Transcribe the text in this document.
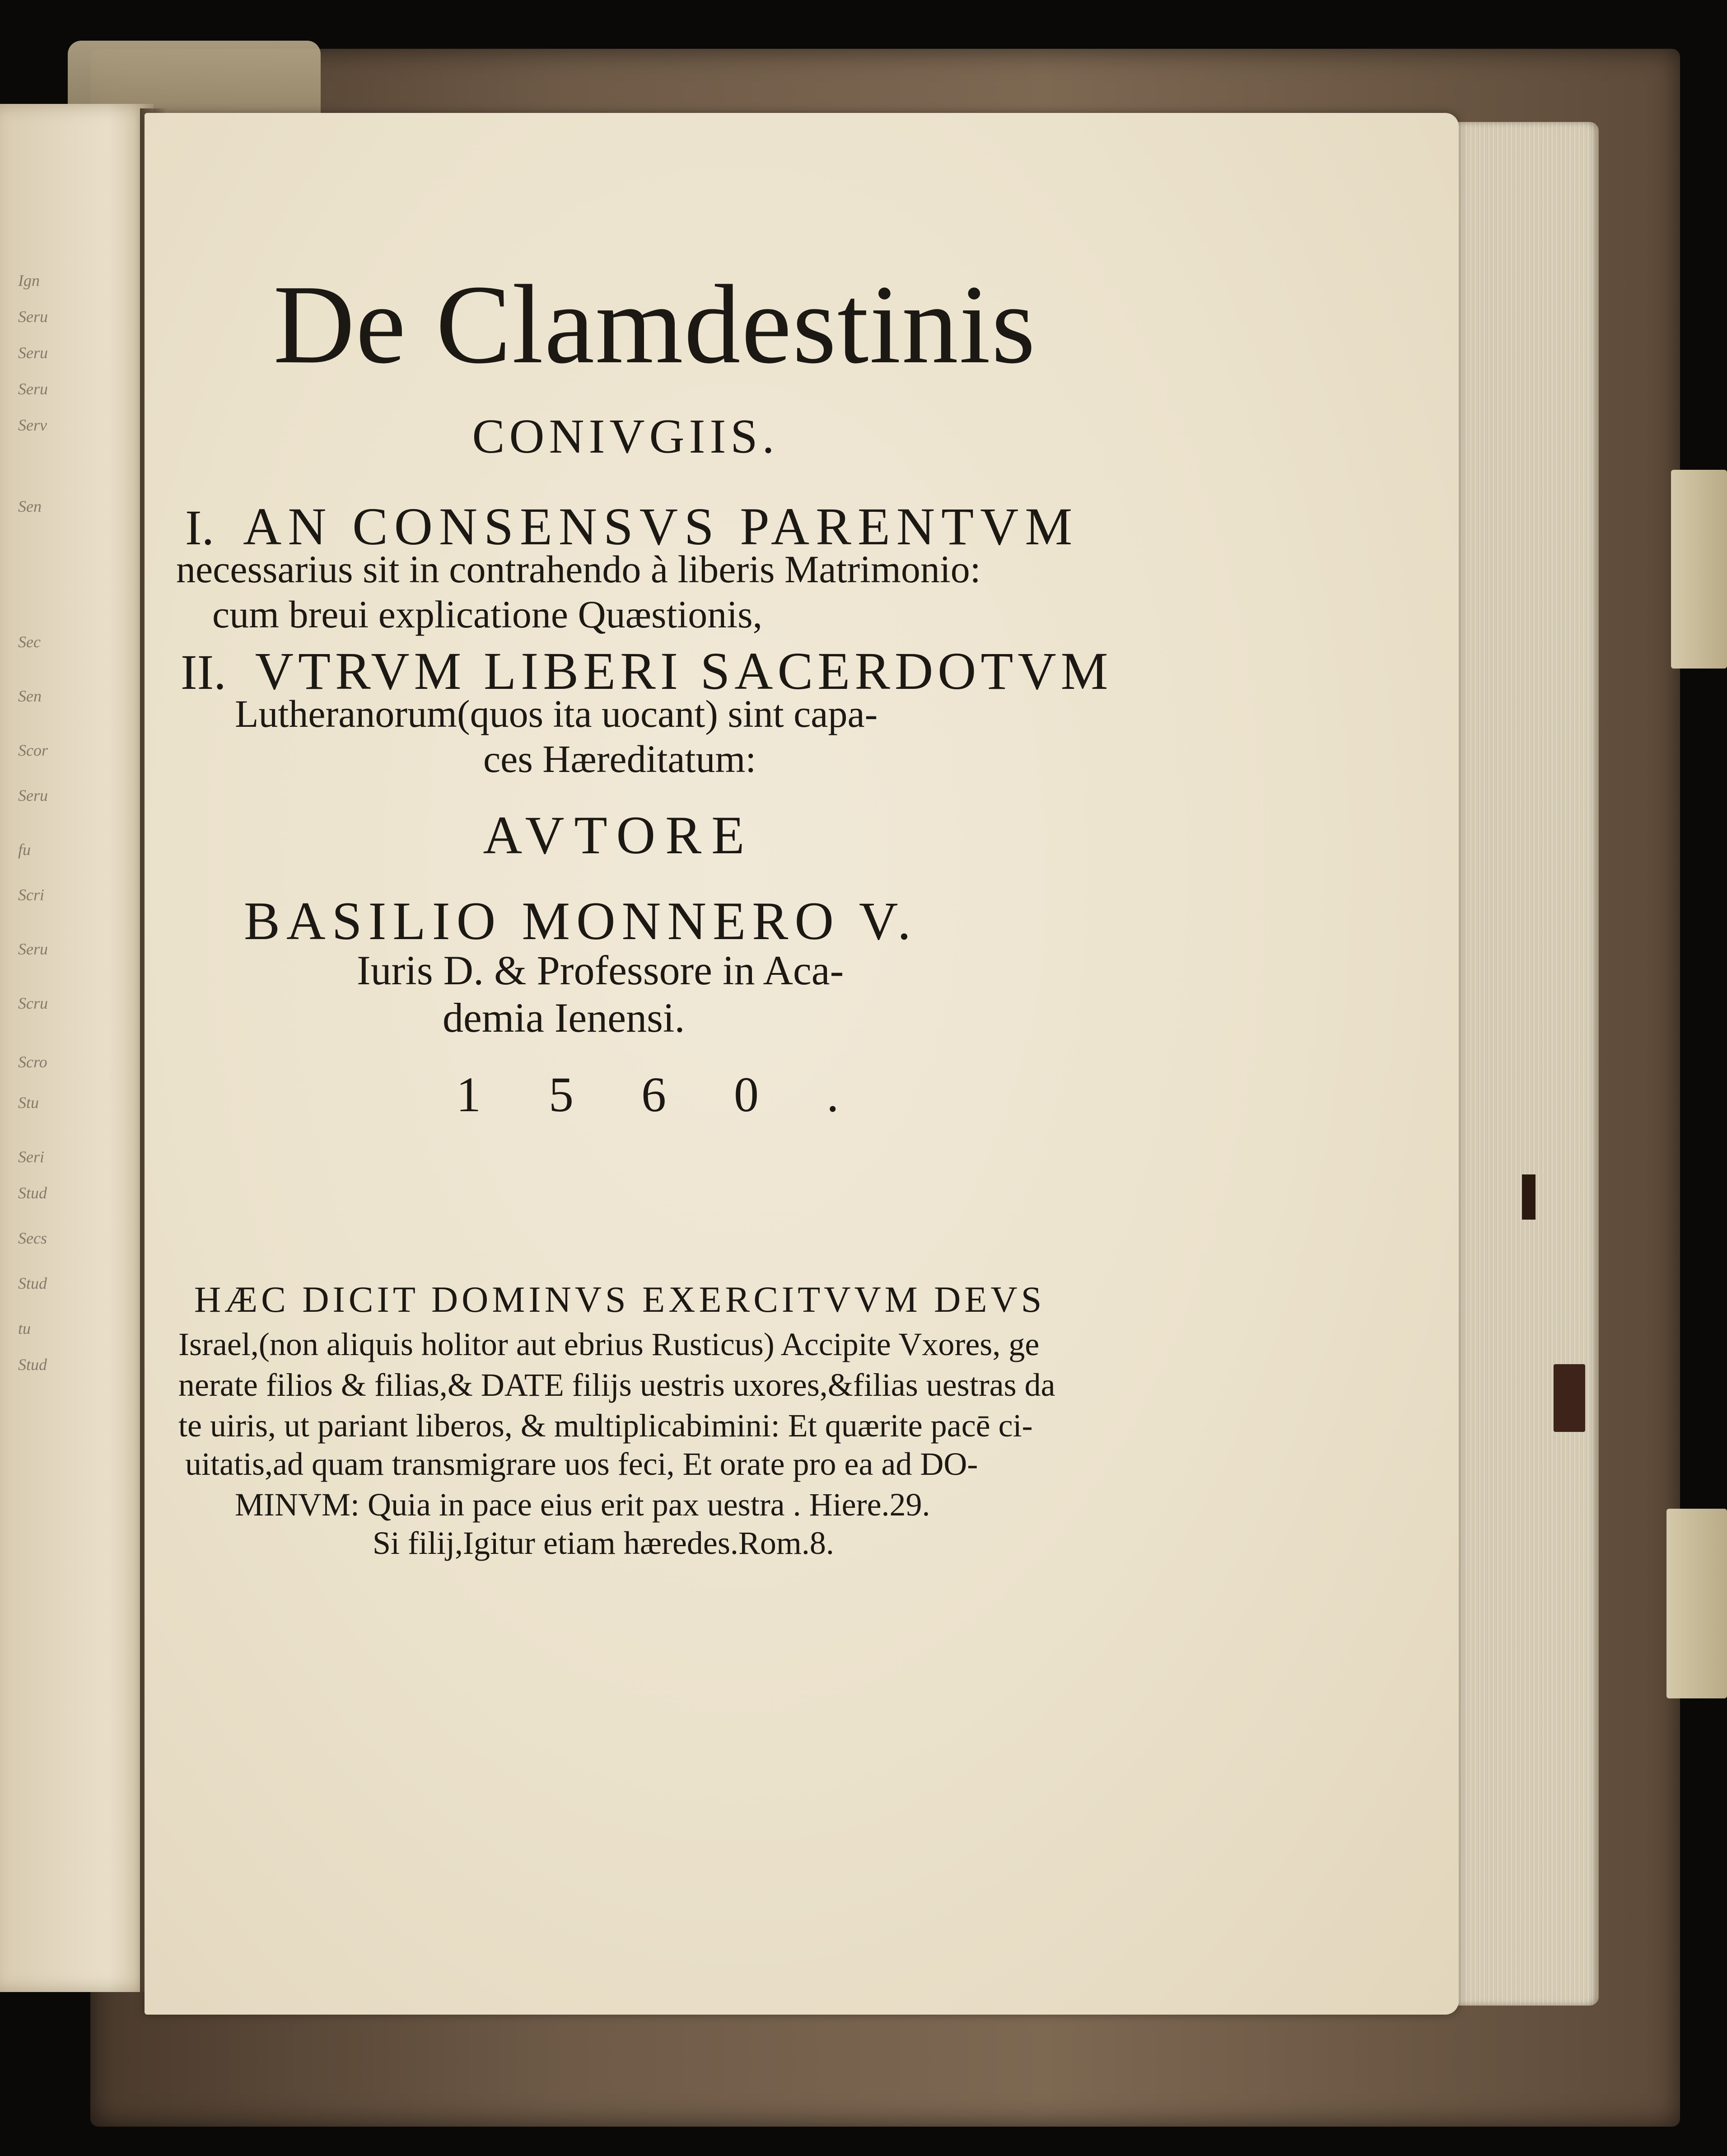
Ign
Seru
Seru
Seru
Serv
Sen
Sec
Sen
Scor
Seru
fu
Scri
Seru
Scru
Scro
Stu
Seri
Stud
Secs
Stud
tu
Stud
De Clamdestinis
CONIVGIIS.
I. AN CONSENSVS PARENTVM
necessarius sit in contrahendo à liberis Matrimonio:
cum breui explicatione Quæstionis,
II. VTRVM LIBERI SACERDOTVM
Lutheranorum(quos ita uocant) sint capa-
ces Hæreditatum:
AVTORE
BASILIO MONNERO V.
Iuris D. & Professore in Aca-
demia Ienensi.
1560.
HÆC DICIT DOMINVS EXERCITVVM DEVS
Israel,(non aliquis holitor aut ebrius Rusticus) Accipite Vxores, ge
nerate filios & filias,& DATE filijs uestris uxores,&filias uestras da
te uiris, ut pariant liberos, & multiplicabimini: Et quærite pacē ci-
uitatis,ad quam transmigrare uos feci, Et orate pro ea ad DO-
MINVM: Quia in pace eius erit pax uestra . Hiere.29.
Si filij,Igitur etiam hæredes.Rom.8.
